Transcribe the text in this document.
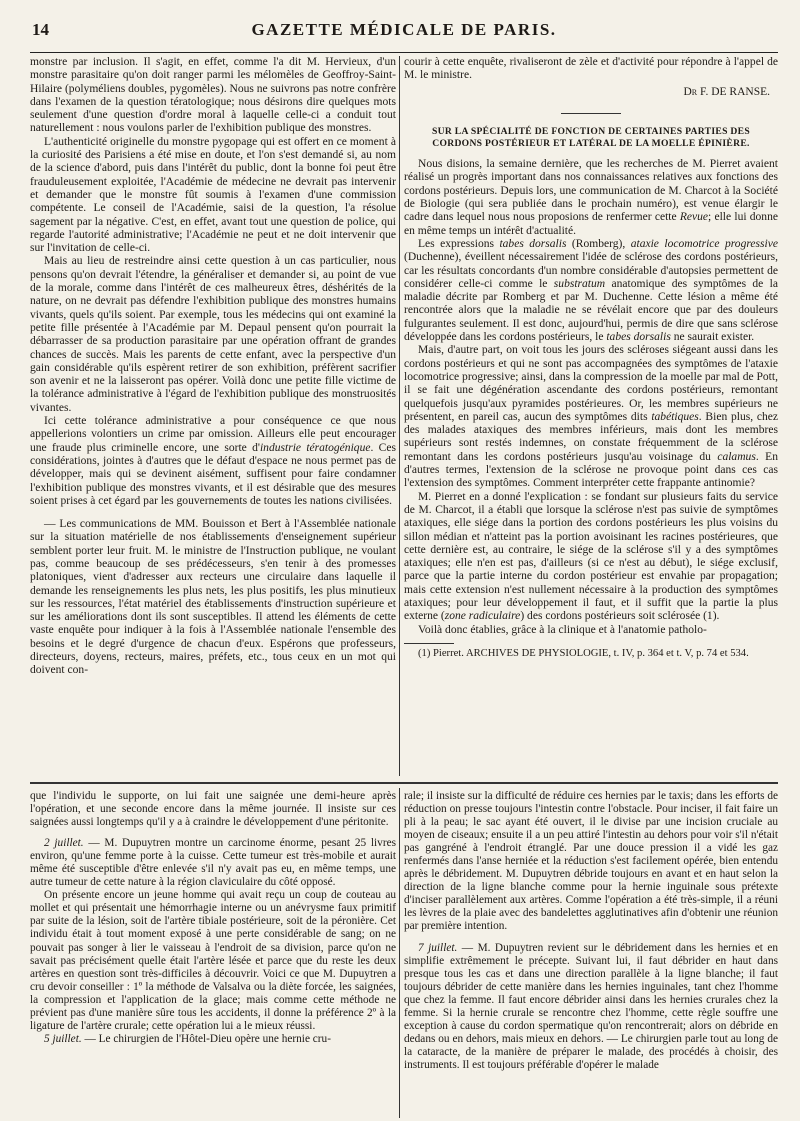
14	GAZETTE MÉDICALE DE PARIS.

monstre par inclusion. Il s'agit, en effet, comme l'a dit M. Hervieux, d'un monstre parasitaire qu'on doit ranger parmi les mélomèles de Geoffroy-Saint-Hilaire (polyméliens doubles, pygomèles). Nous ne suivrons pas notre confrère dans l'examen de la question tératologique; nous désirons dire quelques mots seulement d'une question d'ordre moral à laquelle celle-ci a conduit tout naturellement : nous voulons parler de l'exhibition publique des monstres.

L'authenticité originelle du monstre pygopage qui est offert en ce moment à la curiosité des Parisiens a été mise en doute, et l'on s'est demandé si, au nom de la science d'abord, puis dans l'intérêt du public, dont la bonne foi peut être frauduleusement exploitée, l'Académie de médecine ne devrait pas intervenir et demander que le monstre fût soumis à l'examen d'une commission compétente. Le conseil de l'Académie, saisi de la question, l'a résolue sagement par la négative. C'est, en effet, avant tout une question de police, qui regarde l'autorité administrative; l'Académie ne peut et ne doit intervenir que sur l'invitation de celle-ci.

Mais au lieu de restreindre ainsi cette question à un cas particulier, nous pensons qu'on devrait l'étendre, la généraliser et demander si, au point de vue de la morale, comme dans l'intérêt de ces malheureux êtres, déshérités de la nature, on ne devrait pas défendre l'exhibition publique des monstres humains vivants, quels qu'ils soient. Par exemple, tous les médecins qui ont examiné la petite fille présentée à l'Académie par M. Depaul pensent qu'on pourrait la débarrasser de sa production parasitaire par une opération offrant de grandes chances de succès. Mais les parents de cette enfant, avec la perspective d'un gain considérable qu'ils espèrent retirer de son exhibition, préfèrent sacrifier son avenir et ne la laisseront pas opérer. Voilà donc une petite fille victime de la tolérance administrative à l'égard de l'exhibition publique des monstruosités vivantes.

Ici cette tolérance administrative a pour conséquence ce que nous appellerions volontiers un crime par omission. Ailleurs elle peut encourager une fraude plus criminelle encore, une sorte d'industrie tératogénique. Ces considérations, jointes à d'autres que le défaut d'espace ne nous permet pas de développer, mais qui se devinent aisément, suffisent pour faire condamner l'exhibition publique des monstres vivants, et il est désirable que des mesures soient prises à cet égard par les gouvernements de toutes les nations civilisées.

— Les communications de MM. Bouisson et Bert à l'Assemblée nationale sur la situation matérielle de nos établissements d'enseignement supérieur semblent porter leur fruit. M. le ministre de l'Instruction publique, ne voulant pas, comme beaucoup de ses prédécesseurs, s'en tenir à des promesses platoniques, vient d'adresser aux recteurs une circulaire dans laquelle il demande les renseignements les plus nets, les plus positifs, les plus minutieux sur les ressources, l'état matériel des établissements d'instruction supérieure et sur les améliorations dont ils sont susceptibles. Il attend les éléments de cette vaste enquête pour indiquer à la fois à l'Assemblée nationale l'ensemble des besoins et le degré d'urgence de chacun d'eux. Espérons que professeurs, directeurs, doyens, recteurs, maires, préfets, etc., tous ceux en un mot qui doivent con-

courir à cette enquête, rivaliseront de zèle et d'activité pour répondre à l'appel de M. le ministre.

Dr F. DE RANSE.
SUR LA SPÉCIALITÉ DE FONCTION DE CERTAINES PARTIES DES CORDONS POSTÉRIEUR ET LATÉRAL DE LA MOELLE ÉPINIÈRE.

Nous disions, la semaine dernière, que les recherches de M. Pierret avaient réalisé un progrès important dans nos connaissances relatives aux fonctions des cordons postérieurs. Depuis lors, une communication de M. Charcot à la Société de Biologie (qui sera publiée dans le prochain numéro), est venue élargir le cadre dans lequel nous nous proposions de renfermer cette Revue; elle lui donne en même temps un intérêt d'actualité.

Les expressions tabes dorsalis (Romberg), ataxie locomotrice progressive (Duchenne), éveillent nécessairement l'idée de sclérose des cordons postérieurs, car les résultats concordants d'un nombre considérable d'autopsies permettent de considérer celle-ci comme le substratum anatomique des symptômes de la maladie décrite par Romberg et par M. Duchenne. Cette lésion a même été rencontrée alors que la maladie ne se révélait encore que par des douleurs fulgurantes seulement. Il est donc, aujourd'hui, permis de dire que sans sclérose développée dans les cordons postérieurs, le tabes dorsalis ne saurait exister.

Mais, d'autre part, on voit tous les jours des scléroses siégeant aussi dans les cordons postérieurs et qui ne sont pas accompagnées des symptômes de l'ataxie locomotrice progressive; ainsi, dans la compression de la moelle par mal de Pott, il se fait une dégénération ascendante des cordons postérieurs, remontant quelquefois jusqu'aux pyramides postérieures. Or, les membres supérieurs ne présentent, en pareil cas, aucun des symptômes dits tabétiques. Bien plus, chez des malades ataxiques des membres inférieurs, mais dont les membres supérieurs sont restés indemnes, on constate fréquemment de la sclérose remontant dans les cordons postérieurs jusqu'au voisinage du calamus. En d'autres termes, l'extension de la sclérose ne provoque point dans ces cas l'extension des symptômes. Comment interpréter cette frappante antinomie?

M. Pierret en a donné l'explication : se fondant sur plusieurs faits du service de M. Charcot, il a établi que lorsque la sclérose n'est pas suivie de symptômes ataxiques, elle siége dans la portion des cordons postérieurs les plus voisins du sillon médian et n'atteint pas la portion avoisinant les racines postérieures, que cette dernière est, au contraire, le siége de la sclérose s'il y a des symptômes ataxiques; elle n'en est pas, d'ailleurs (si ce n'est au début), le siége exclusif, parce que la partie interne du cordon postérieur est envahie par propagation; mais cette extension n'est nullement nécessaire à la production des symptômes ataxiques; pour leur développement il faut, et il suffit que la partie la plus externe (zone radiculaire) des cordons postérieurs soit sclérosée (1).

Voilà donc établies, grâce à la clinique et à l'anatomie patholo-

(1) Pierret. ARCHIVES DE PHYSIOLOGIE, t. IV, p. 364 et t. V, p. 74 et 534.

que l'individu le supporte, on lui fait une saignée une demi-heure après l'opération, et une seconde encore dans la même journée. Il insiste sur ces saignées aussi longtemps qu'il y a à craindre le développement d'une péritonite.

2 juillet. — M. Dupuytren montre un carcinome énorme, pesant 25 livres environ, qu'une femme porte à la cuisse. Cette tumeur est très-mobile et aurait même été susceptible d'être enlevée s'il n'y avait pas eu, en même temps, une autre tumeur de cette nature à la région claviculaire du côté opposé.

On présente encore un jeune homme qui avait reçu un coup de couteau au mollet et qui présentait une hémorrhagie interne ou un anévrysme faux primitif par suite de la lésion, soit de l'artère tibiale postérieure, soit de la péronière. Cet individu était à tout moment exposé à une perte considérable de sang; on ne pouvait pas songer à lier le vaisseau à l'endroit de sa division, parce qu'on ne savait pas précisément quelle était l'artère lésée et parce que du reste les deux artères en question sont très-difficiles à découvrir. Voici ce que M. Dupuytren a cru devoir conseiller : 1º la méthode de Valsalva ou la diète forcée, les saignées, la compression et l'application de la glace; mais comme cette méthode ne prévient pas d'une manière sûre tous les accidents, il donne la préférence 2º à la ligature de l'artère crurale; cette opération lui a le mieux réussi.

5 juillet. — Le chirurgien de l'Hôtel-Dieu opère une hernie cru-

rale; il insiste sur la difficulté de réduire ces hernies par le taxis; dans les efforts de réduction on presse toujours l'intestin contre l'obstacle. Pour inciser, il fait faire un pli à la peau; le sac ayant été ouvert, il le divise par une incision cruciale au moyen de ciseaux; ensuite il a un peu attiré l'intestin au dehors pour voir s'il n'était pas gangréné à l'endroit étranglé. Par une douce pression il a vidé les gaz renfermés dans l'anse herniée et la réduction s'est facilement opérée, bien entendu après le débridement. M. Dupuytren débride toujours en avant et en haut selon la direction de la ligne blanche comme pour la hernie inguinale sous prétexte d'inciser parallèlement aux artères. Comme l'opération a été très-simple, il a réuni les lèvres de la plaie avec des bandelettes agglutinatives afin d'obtenir une réunion par première intention.

7 juillet. — M. Dupuytren revient sur le débridement dans les hernies et en simplifie extrêmement le précepte. Suivant lui, il faut débrider en haut dans presque tous les cas et dans une direction parallèle à la ligne blanche; il faut toujours débrider de cette manière dans les hernies inguinales, tant chez l'homme que chez la femme. Il faut encore débrider ainsi dans les hernies crurales chez la femme. Si la hernie crurale se rencontre chez l'homme, cette règle souffre une exception à cause du cordon spermatique qu'on rencontrerait; alors on débride en dedans ou en dehors, mais mieux en dehors. — Le chirurgien parle tout au long de la cataracte, de la manière de préparer le malade, des procédés à choisir, des instruments. Il est toujours préférable d'opérer le malade
